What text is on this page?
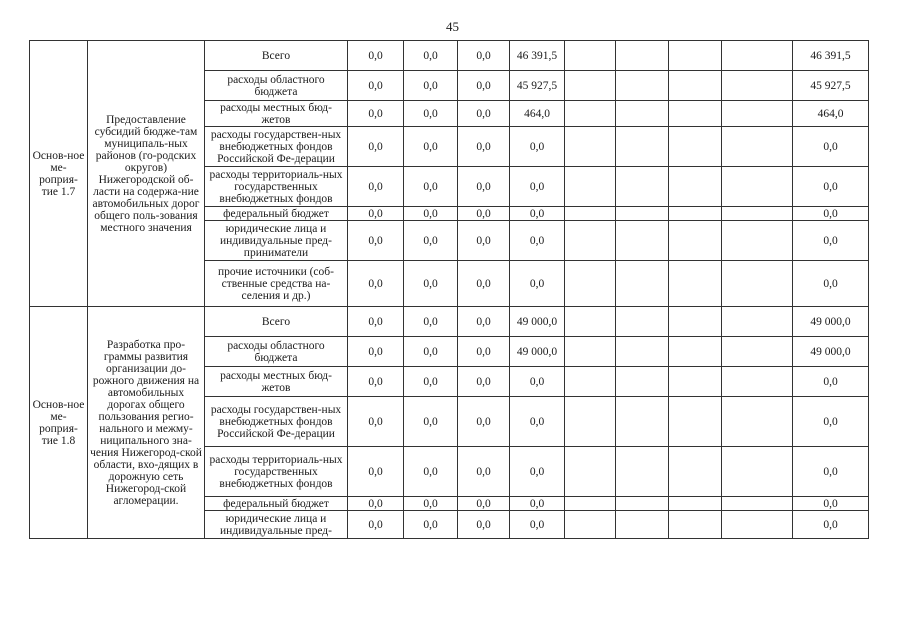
45
Основ-ное ме-роприя-тие 1.7	Предоставление субсидий бюдже-там муниципаль-ных районов (го-родских округов) Нижегородской об-ласти на содержа-ние автомобильных дорог общего поль-зования местного значения	Всего	0,0	0,0	0,0	46 391,5					46 391,5
		расходы областного бюджета	0,0	0,0	0,0	45 927,5					45 927,5
		расходы местных бюд-жетов	0,0	0,0	0,0	464,0					464,0
		расходы государствен-ных внебюджетных фондов Российской Фе-дерации	0,0	0,0	0,0	0,0					0,0
		расходы территориаль-ных государственных внебюджетных фондов	0,0	0,0	0,0	0,0					0,0
		федеральный бюджет	0,0	0,0	0,0	0,0					0,0
		юридические лица и индивидуальные пред-приниматели	0,0	0,0	0,0	0,0					0,0
		прочие источники (соб-ственные средства на-селения и др.)	0,0	0,0	0,0	0,0					0,0
Основ-ное ме-роприя-тие 1.8	Разработка про-граммы развития организации до-рожного движения на автомобильных дорогах общего пользования регио-нального и межму-ниципального зна-чения Нижегород-ской области, вхо-дящих в дорожную сеть Нижегород-ской агломерации.	Всего	0,0	0,0	0,0	49 000,0					49 000,0
		расходы областного бюджета	0,0	0,0	0,0	49 000,0					49 000,0
		расходы местных бюд-жетов	0,0	0,0	0,0	0,0					0,0
		расходы государствен-ных внебюджетных фондов Российской Фе-дерации	0,0	0,0	0,0	0,0					0,0
		расходы территориаль-ных государственных внебюджетных фондов	0,0	0,0	0,0	0,0					0,0
		федеральный бюджет	0,0	0,0	0,0	0,0					0,0
		юридические лица и индивидуальные пред-	0,0	0,0	0,0	0,0					0,0
